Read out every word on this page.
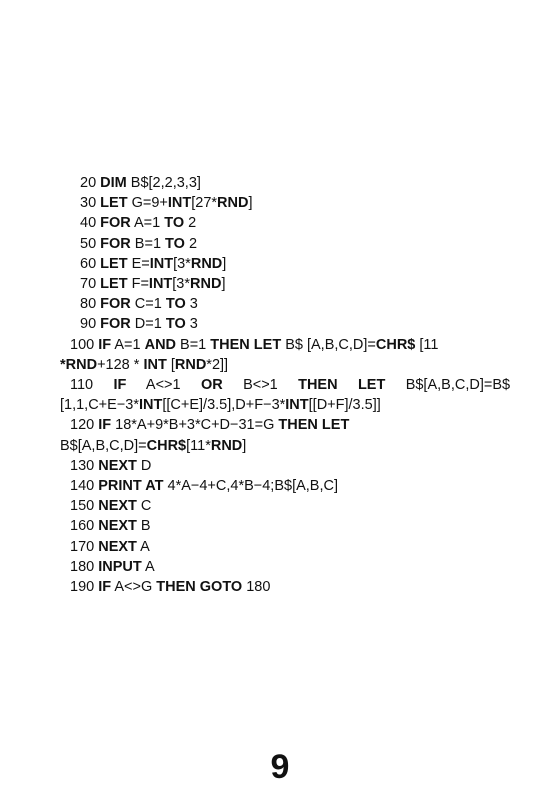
20 DIM B$[2,2,3,3]
30 LET G=9+INT[27*RND]
40 FOR A=1 TO 2
50 FOR B=1 TO 2
60 LET E=INT[3*RND]
70 LET F=INT[3*RND]
80 FOR C=1 TO 3
90 FOR D=1 TO 3
100 IF A=1 AND B=1 THEN LET B$ [A,B,C,D]=CHR$ [11
*RND+128 * INT [RND*2]]
110 IF A<>1 OR B<>1 THEN LET B$[A,B,C,D]=B$
[1,1,C+E−3*INT[[C+E]/3.5],D+F−3*INT[[D+F]/3.5]]
120 IF 18*A+9*B+3*C+D−31=G THEN LET
B$[A,B,C,D]=CHR$[11*RND]
130 NEXT D
140 PRINT AT 4*A−4+C,4*B−4;B$[A,B,C]
150 NEXT C
160 NEXT B
170 NEXT A
180 INPUT A
190 IF A<>G THEN GOTO 180
9
